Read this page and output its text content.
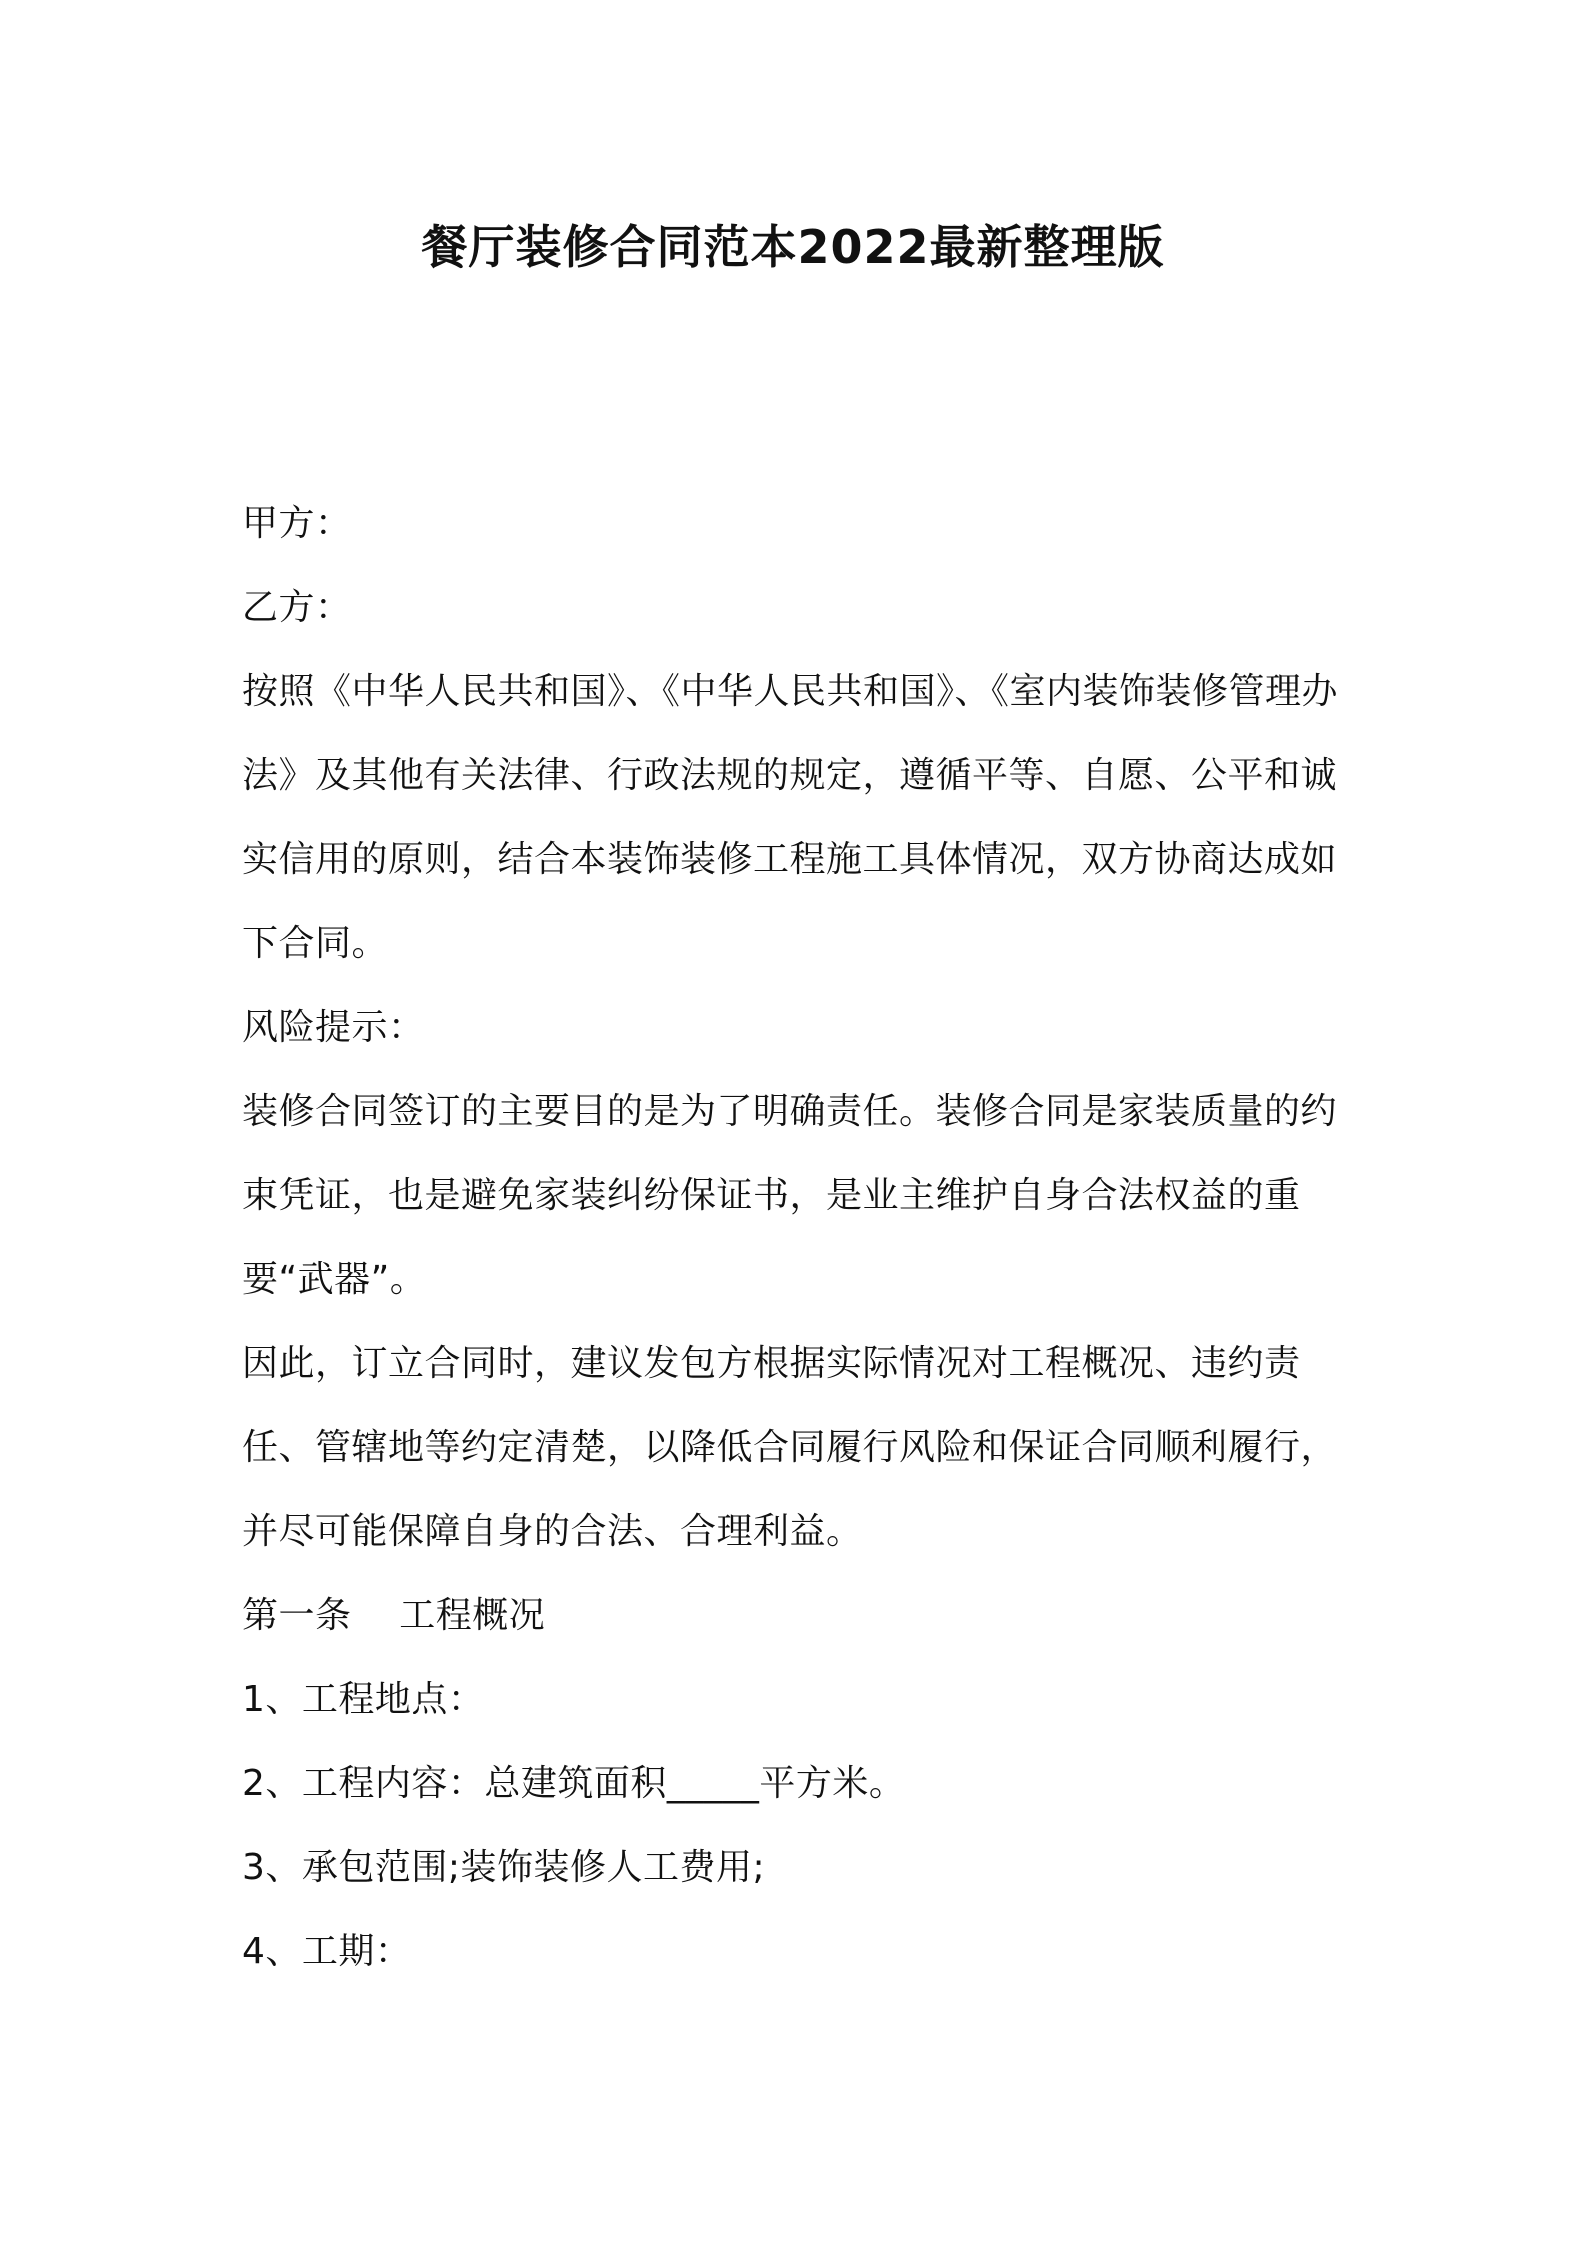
餐厅装修合同范本2022最新整理版

甲方：

乙方：

按照《中华人民共和国》、《中华人民共和国》、《室内装饰装修管理办法》及其他有关法律、行政法规的规定，遵循平等、自愿、公平和诚实信用的原则，结合本装饰装修工程施工具体情况，双方协商达成如下合同。

风险提示：

装修合同签订的主要目的是为了明确责任。装修合同是家装质量的约束凭证，也是避免家装纠纷保证书，是业主维护自身合法权益的重要“武器”。

因此，订立合同时，建议发包方根据实际情况对工程概况、违约责任、管辖地等约定清楚，以降低合同履行风险和保证合同顺利履行，并尽可能保障自身的合法、合理利益。

第一条 工程概况

1、工程地点：

2、工程内容：总建筑面积_____平方米。

3、承包范围;装饰装修人工费用;

4、工期：
